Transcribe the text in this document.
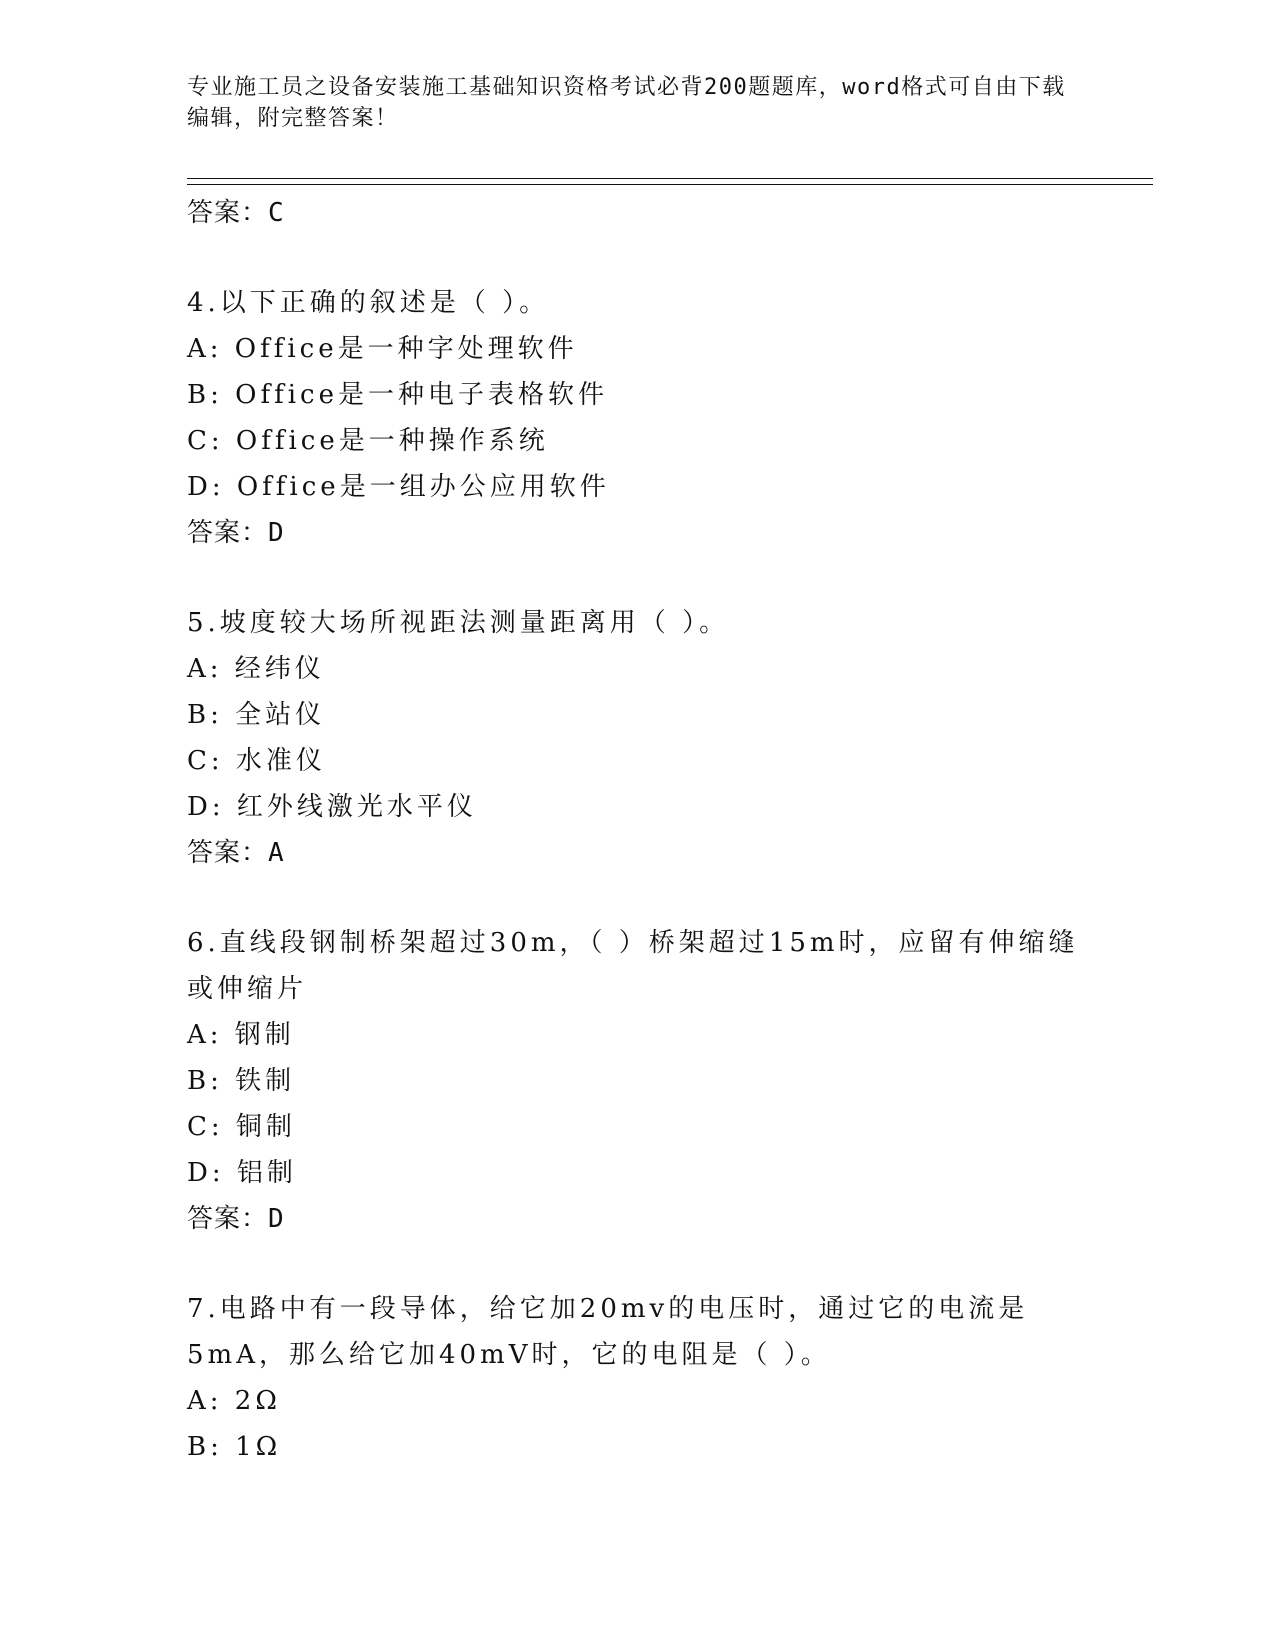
专业施工员之设备安装施工基础知识资格考试必背200题题库，word格式可自由下载编辑，附完整答案！
答案：C
4.以下正确的叙述是（ ）。
A: Office是一种字处理软件
B: Office是一种电子表格软件
C: Office是一种操作系统
D: Office是一组办公应用软件
答案：D
5.坡度较大场所视距法测量距离用（ ）。
A: 经纬仪
B: 全站仪
C: 水准仪
D: 红外线激光水平仪
答案：A
6.直线段钢制桥架超过30m，（ ）桥架超过15m时，应留有伸缩缝或伸缩片
A: 钢制
B: 铁制
C: 铜制
D: 铝制
答案：D
7.电路中有一段导体，给它加20mv的电压时，通过它的电流是5mA，那么给它加40mV时，它的电阻是（ ）。
A: 2Ω
B: 1Ω
